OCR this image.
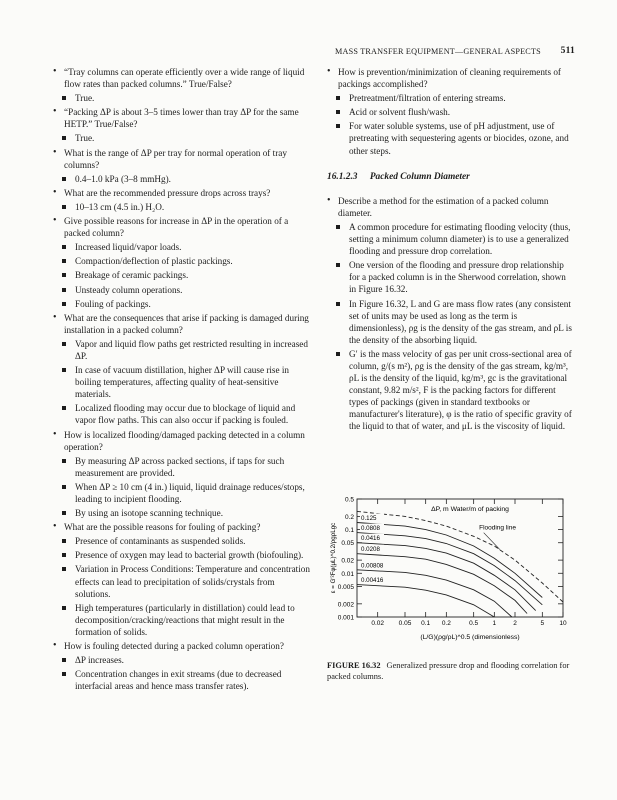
MASS TRANSFER EQUIPMENT—GENERAL ASPECTS 511
• “Tray columns can operate efficiently over a wide range of liquid flow rates than packed columns.” True/False?
True.
• “Packing ΔP is about 3–5 times lower than tray ΔP for the same HETP.” True/False?
True.
• What is the range of ΔP per tray for normal operation of tray columns?
0.4–1.0 kPa (3–8 mmHg).
• What are the recommended pressure drops across trays?
10–13 cm (4.5 in.) H₂O.
• Give possible reasons for increase in ΔP in the operation of a packed column?
Increased liquid/vapor loads.
Compaction/deflection of plastic packings.
Breakage of ceramic packings.
Unsteady column operations.
Fouling of packings.
• What are the consequences that arise if packing is damaged during installation in a packed column?
Vapor and liquid flow paths get restricted resulting in increased ΔP.
In case of vacuum distillation, higher ΔP will cause rise in boiling temperatures, affecting quality of heat-sensitive materials.
Localized flooding may occur due to blockage of liquid and vapor flow paths. This can also occur if packing is fouled.
• How is localized flooding/damaged packing detected in a column operation?
By measuring ΔP across packed sections, if taps for such measurement are provided.
When ΔP ≥ 10 cm (4 in.) liquid, liquid drainage reduces/stops, leading to incipient flooding.
By using an isotope scanning technique.
• What are the possible reasons for fouling of packing?
Presence of contaminants as suspended solids.
Presence of oxygen may lead to bacterial growth (biofouling).
Variation in Process Conditions: Temperature and concentration effects can lead to precipitation of solids/crystals from solutions.
High temperatures (particularly in distillation) could lead to decomposition/cracking/reactions that might result in the formation of solids.
• How is fouling detected during a packed column operation?
ΔP increases.
Concentration changes in exit streams (due to decreased interfacial areas and hence mass transfer rates).
• How is prevention/minimization of cleaning requirements of packings accomplished?
Pretreatment/filtration of entering streams.
Acid or solvent flush/wash.
For water soluble systems, use of pH adjustment, use of pretreating with sequestering agents or biocides, ozone, and other steps.
16.1.2.3 Packed Column Diameter
• Describe a method for the estimation of a packed column diameter.
A common procedure for estimating flooding velocity (thus, setting a minimum column diameter) is to use a generalized flooding and pressure drop correlation.
One version of the flooding and pressure drop relationship for a packed column is in the Sherwood correlation, shown in Figure 16.32.
In Figure 16.32, L and G are mass flow rates (any consistent set of units may be used as long as the term is dimensionless), ρg is the density of the gas stream, and ρL is the density of the absorbing liquid.
G′ is the mass velocity of gas per unit cross-sectional area of column, g/(s m²), ρg is the density of the gas stream, kg/m³, ρL is the density of the liquid, kg/m³, gc is the gravitational constant, 9.82 m/s², F is the packing factors for different types of packings (given in standard textbooks or manufacturer's literature), φ is the ratio of specific gravity of the liquid to that of water, and μL is the viscosity of liquid.
0.5
0.2
0.1
0.05
0.02
0.01
0.005
0.002
0.001
0.02 0.05 0.1 0.2	0.5 1	2	5 10
0.125
0.0808
0.0416
0.0208
0.00808
0.00416
ΔP, m Water/m of packing
Flooding line
(L/G)(ρg/ρL)^0.5 (dimensionless)
ε = G′²Fφ(μL)^0.2/ρgρLgc
FIGURE 16.32 Generalized pressure drop and flooding correlation for packed columns.
